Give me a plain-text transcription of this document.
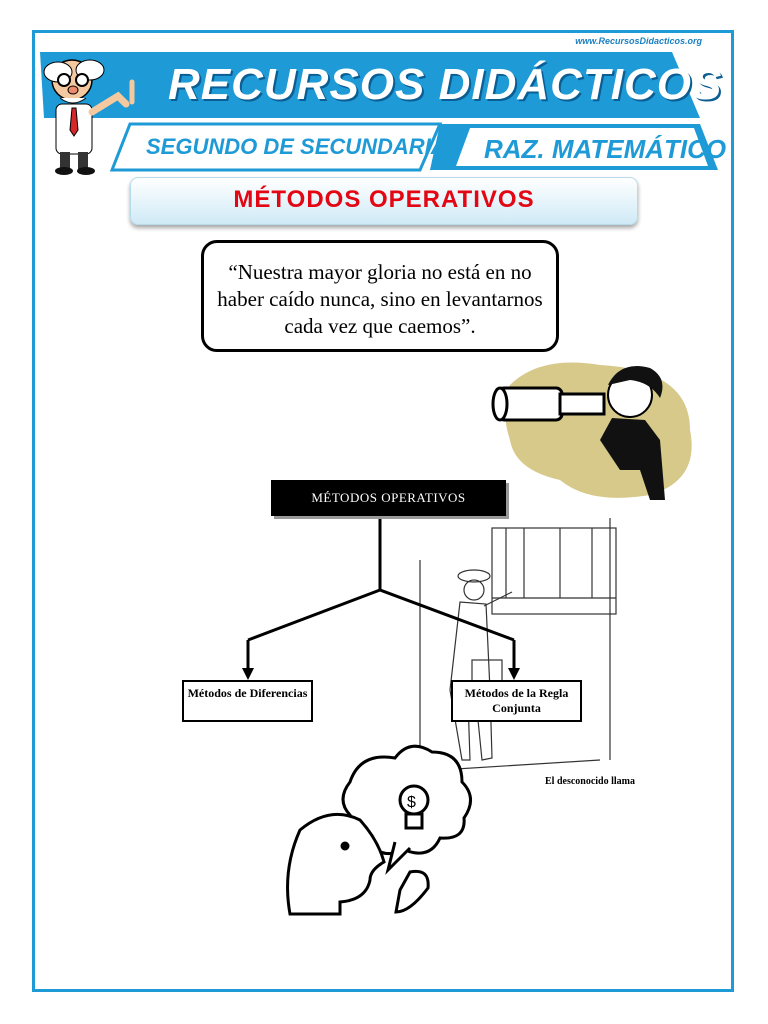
www.RecursosDidacticos.org
$
RECURSOS DIDÁCTICOS
SEGUNDO DE SECUNDARIA RAZ. MATEMÁTICO
MÉTODOS OPERATIVOS
“Nuestra mayor gloria no está en no haber caído nunca, sino en levantarnos cada vez que caemos”.
MÉTODOS OPERATIVOS
Métodos de Diferencias	Métodos de la Regla Conjunta
El desconocido llama
